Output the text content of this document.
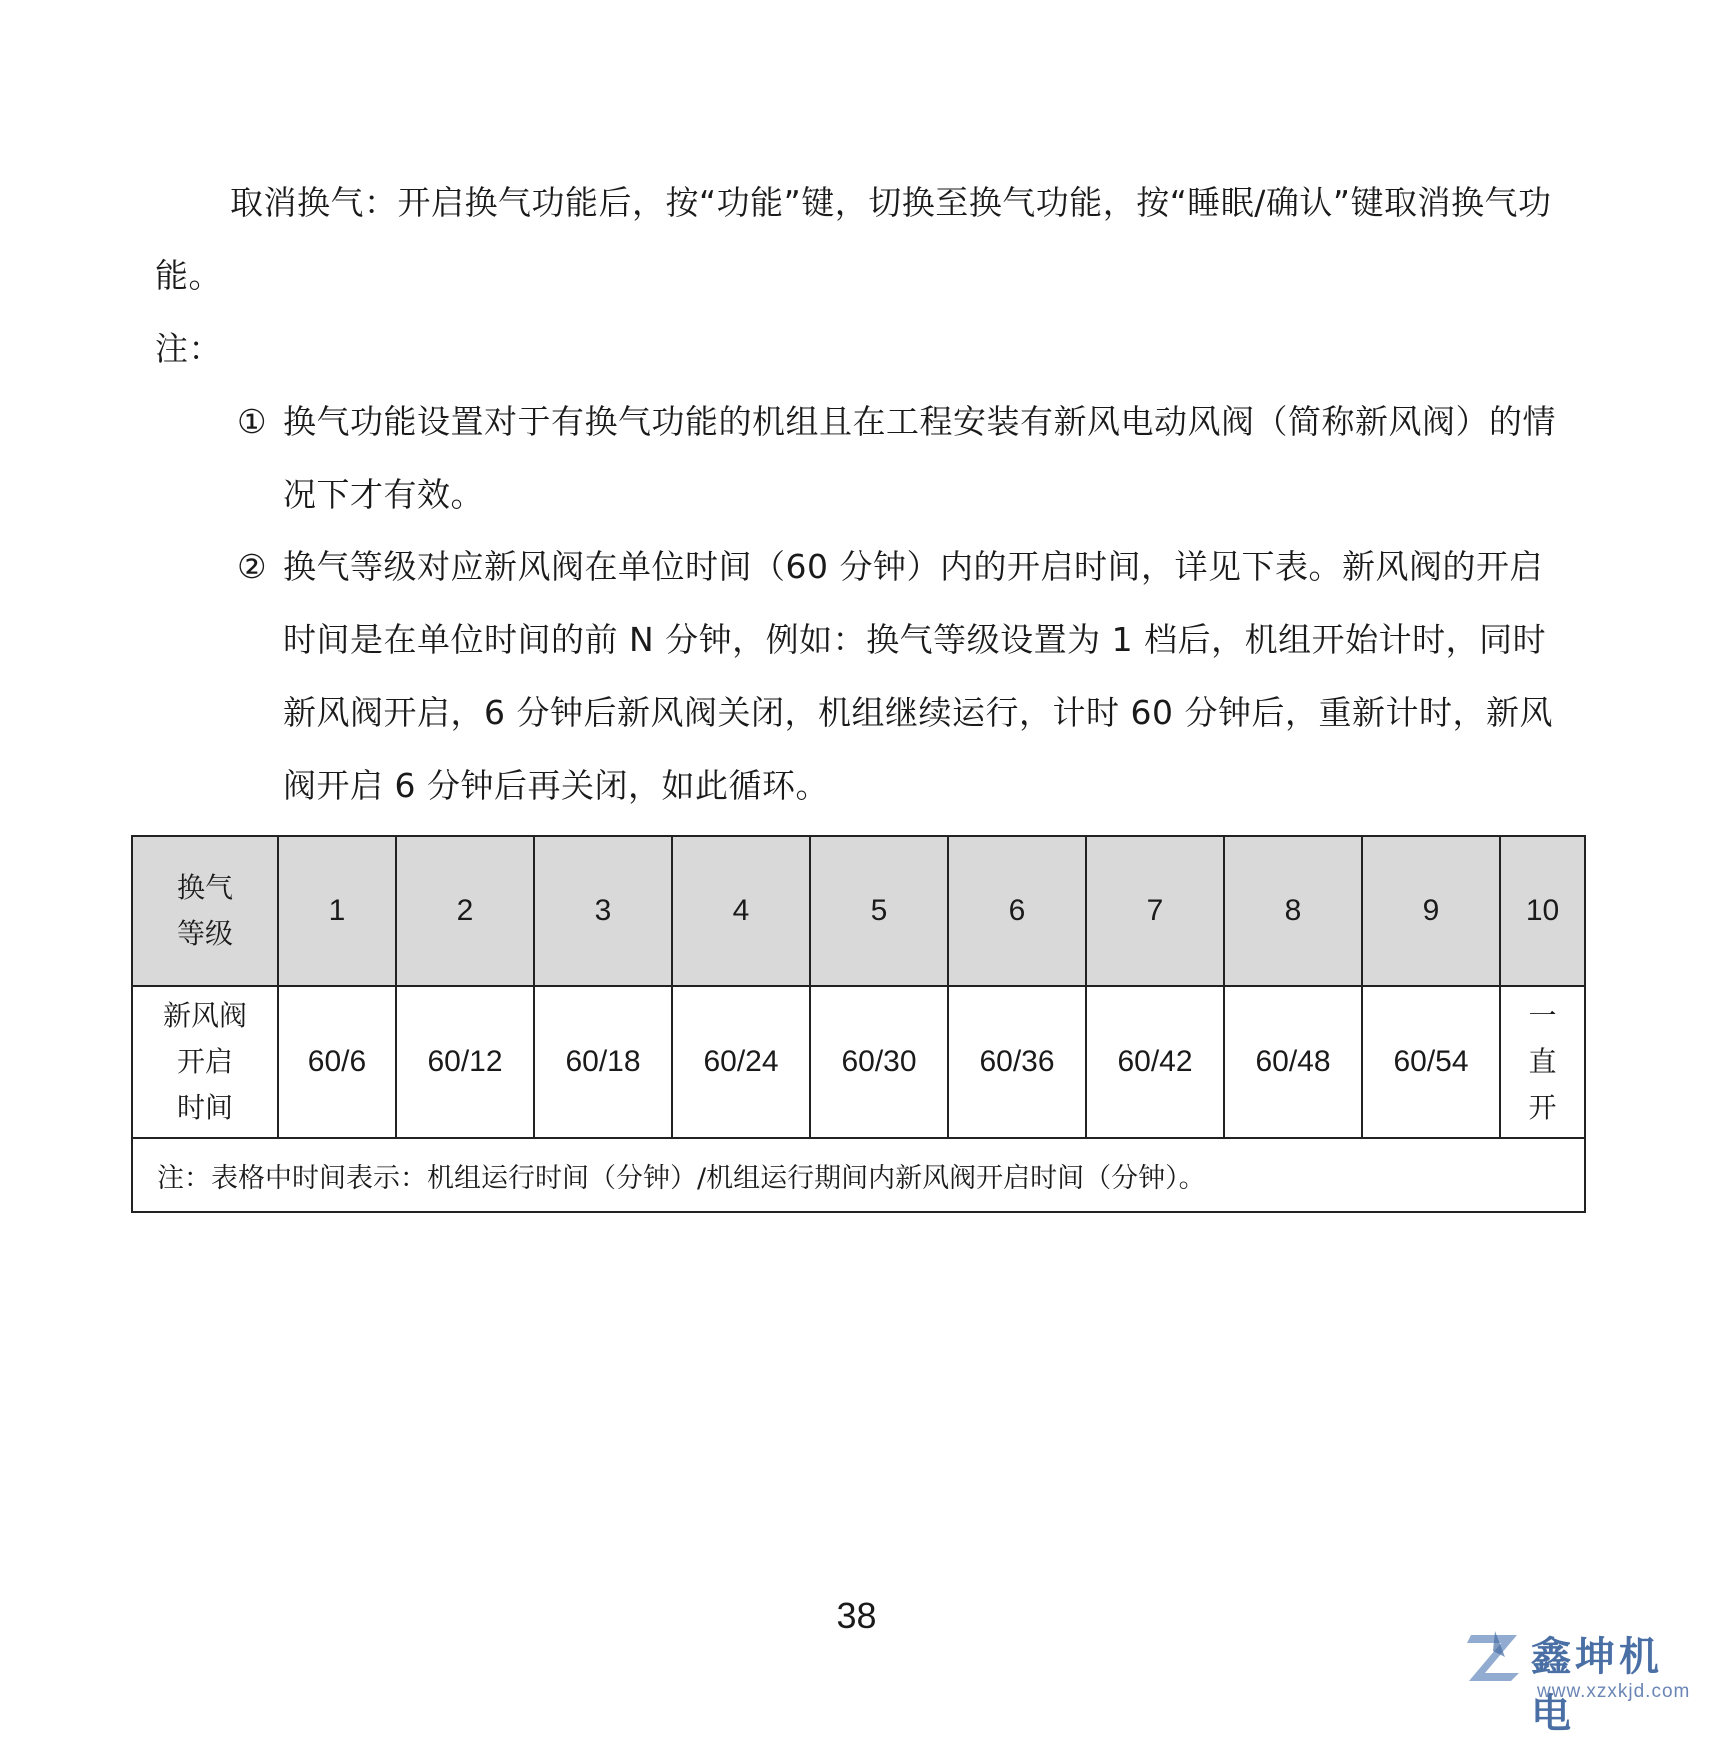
取消换气：开启换气功能后，按“功能”键，切换至换气功能，按“睡眠/确认”键取消换气功能。

注：

① 换气功能设置对于有换气功能的机组且在工程安装有新风电动风阀（简称新风阀）的情况下才有效。
② 换气等级对应新风阀在单位时间（60 分钟）内的开启时间，详见下表。新风阀的开启时间是在单位时间的前 N 分钟，例如：换气等级设置为 1 档后，机组开始计时，同时新风阀开启，6 分钟后新风阀关闭，机组继续运行，计时 60 分钟后，重新计时，新风阀开启 6 分钟后再关闭，如此循环。
换气
等级	1	2	3	4	5	6	7	8	9	10

新风阀
开启
时间	60/6	60/12	60/18	60/24	60/30	60/36	60/42	60/48	60/54	一
直
开

注：表格中时间表示：机组运行时间（分钟）/机组运行期间内新风阀开启时间（分钟）。										
38
鑫坤机电
www.xzxkjd.com
